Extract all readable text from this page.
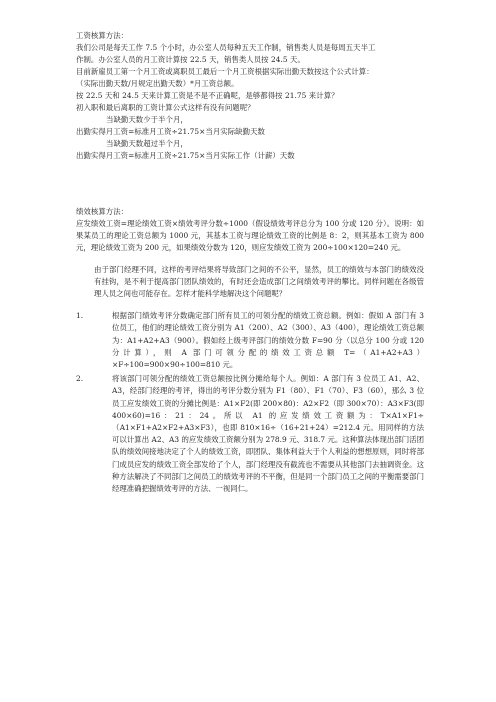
工资核算方法：
我们公司是每天工作 7.5 个小时，办公室人员每种五天工作制，销售类人员是每周五天半工
作制。办公室人员的月工资计算按 22.5 天，销售类人员按 24.5 天。
目前新雇员工第一个月工资或离职员工最后一个月工资根据实际出勤天数按这个公式计算：
（实际出勤天数/月规定出勤天数）*月工资总额。
按 22.5 天和 24.5 天来计算工资是不是不正确呢，是够都得按 21.75 来计算？
初入职和最后离职的工资计算公式这样有没有问题呢？
当缺勤天数少于半个月，
出勤实得月工资=标准月工资÷21.75×当月实际缺勤天数
当缺勤天数超过半个月，
出勤实得月工资=标准月工资÷21.75×当月实际工作（计薪）天数
绩效核算方法：
应发绩效工资=理论绩效工资×绩效考评分数÷1000（假设绩效考评总分为 100 分或 120 分）。说明：如果某员工的理论工资总额为 1000 元，其基本工资与理论绩效工资的比例是 8：2，则其基本工资为 800 元，理论绩效工资为 200 元，如果绩效分数为 120，则应发绩效工资为 200÷100×120=240 元。
由于部门经理不同，这样的考评结果将导致部门之间的不公平，显然，员工的绩效与本部门的绩效没有挂钩，是不利于提高部门团队绩效的，有时还会造成部门之间绩效考评的攀比。同样问题在各级管理人员之间也可能存在。怎样才能科学地解决这个问题呢？
1.	根据部门绩效考评分数确定部门所有员工的可领分配的绩效工资总额。例如：假如 A 部门有 3 位员工，他们的理论绩效工资分别为 A1（200）、A2（300）、A3（400），理论绩效工资总额为：A1+A2+A3（900）。假如经上级考评部门的绩效分数 F=90 分（以总分 100 分或 120 分计算），则 A 部门可领分配的绩效工资总额 T=（A1+A2+A3）×F÷100=900×90÷100=810 元。
2.	将该部门可领分配的绩效工资总额按比例分摊给每个人。例如：A 部门有 3 位员工 A1、A2、A3，经部门经理的考评，得出的考评分数分别为 F1（80）、F1（70）、F3（60），那么 3 位员工应发绩效工资的分摊比例是：A1×F2(即 200×80)：A2×F2（即 300×70）：A3×F3(即 400×60)=16：21：24。所以 A1 的应发绩效工资额为：T×A1×F1÷（A1×F1+A2×F2+A3×F3），也即 810×16÷（16+21+24）=212.4 元。用同样的方法可以计算出 A2、A3 的应发绩效工资额分别为 278.9 元、318.7 元。这种算法体现出部门活团队的绩效间接地决定了个人的绩效工资，即团队、集体利益大于个人利益的想想原则，同时将部门成员应发的绩效工资全部发给了个人，部门经理没有截流也不需要从其他部门去抽调资金。这种方法解决了不同部门之间员工的绩效考评的不平衡，但是同一个部门员工之间的平衡需要部门经理准确把握绩效考评的方法、一视同仁。
